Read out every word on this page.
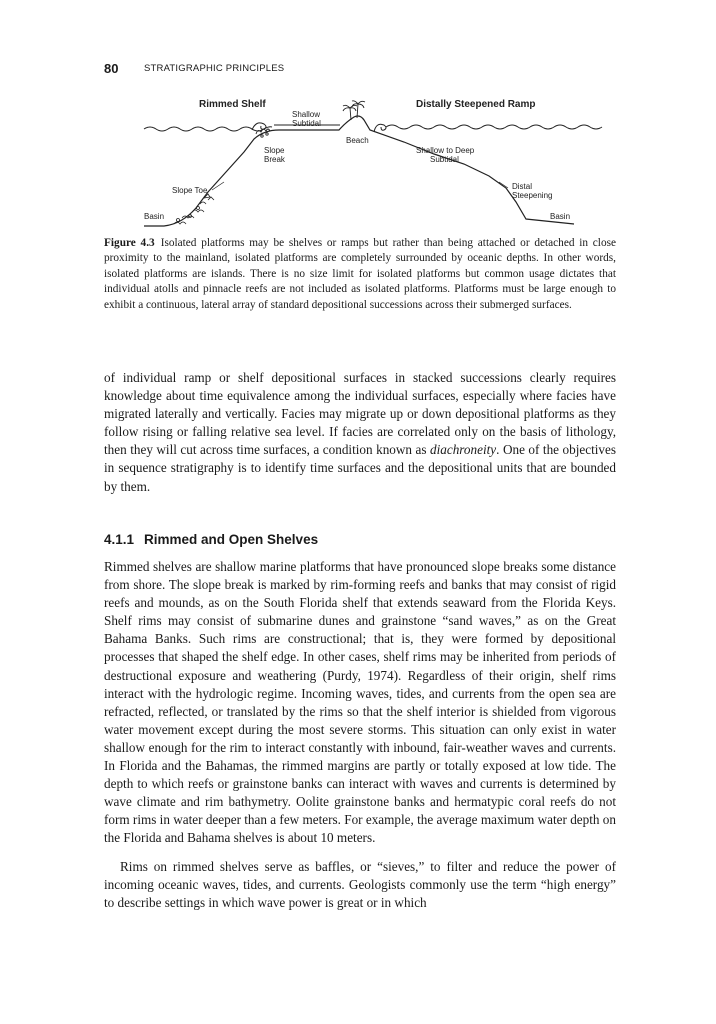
80	STRATIGRAPHIC PRINCIPLES
Rimmed Shelf	Distally Steepened Ramp
Shallow
Subtidal
Beach
Slope
Break
Shallow to Deep
Subtidal
Slope Toe	Distal
Steepening
Basin	Basin
Figure 4.3 Isolated platforms may be shelves or ramps but rather than being attached or detached in close proximity to the mainland, isolated platforms are completely surrounded by oceanic depths. In other words, isolated platforms are islands. There is no size limit for isolated platforms but common usage dictates that individual atolls and pinnacle reefs are not included as isolated platforms. Platforms must be large enough to exhibit a continuous, lateral array of standard depositional successions across their submerged surfaces.

of individual ramp or shelf depositional surfaces in stacked successions clearly requires knowledge about time equivalence among the individual surfaces, especially where facies have migrated laterally and vertically. Facies may migrate up or down depositional platforms as they follow rising or falling relative sea level. If facies are correlated only on the basis of lithology, then they will cut across time surfaces, a condition known as diachroneity. One of the objectives in sequence stratigraphy is to identify time surfaces and the depositional units that are bounded by them.

4.1.1 Rimmed and Open Shelves

Rimmed shelves are shallow marine platforms that have pronounced slope breaks some distance from shore. The slope break is marked by rim-forming reefs and banks that may consist of rigid reefs and mounds, as on the South Florida shelf that extends seaward from the Florida Keys. Shelf rims may consist of submarine dunes and grainstone “sand waves,” as on the Great Bahama Banks. Such rims are constructional; that is, they were formed by depositional processes that shaped the shelf edge. In other cases, shelf rims may be inherited from periods of destructional exposure and weathering (Purdy, 1974). Regardless of their origin, shelf rims interact with the hydrologic regime. Incoming waves, tides, and currents from the open sea are refracted, reflected, or translated by the rims so that the shelf interior is shielded from vigorous water movement except during the most severe storms. This situation can only exist in water shallow enough for the rim to interact constantly with inbound, fair-weather waves and currents. In Florida and the Bahamas, the rimmed margins are partly or totally exposed at low tide. The depth to which reefs or grainstone banks can interact with waves and currents is determined by wave climate and rim bathymetry. Oolite grainstone banks and hermatypic coral reefs do not form rims in water deeper than a few meters. For example, the average maximum water depth on the Florida and Bahama shelves is about 10 meters.

Rims on rimmed shelves serve as baffles, or “sieves,” to filter and reduce the power of incoming oceanic waves, tides, and currents. Geologists commonly use the term “high energy” to describe settings in which wave power is great or in which
